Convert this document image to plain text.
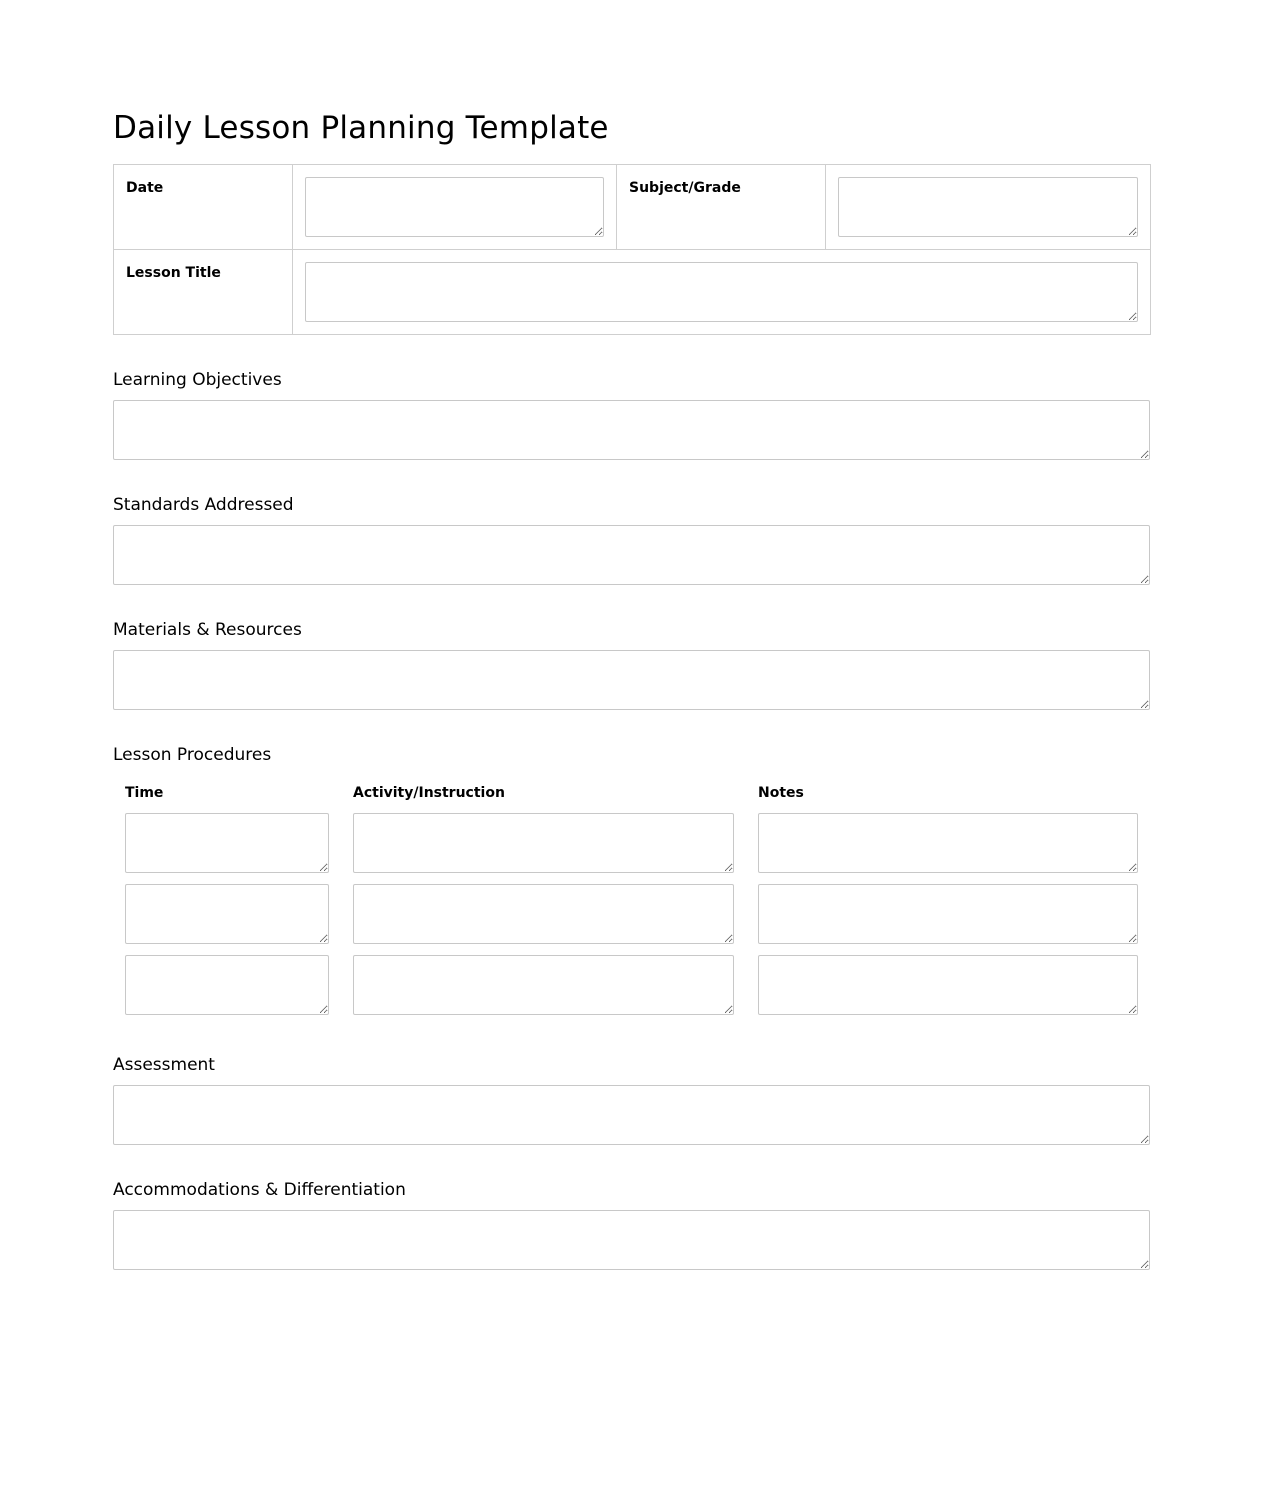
Daily Lesson Planning Template
Date		Subject/Grade	

Lesson Title	
Learning Objectives
Standards Addressed
Materials & Resources
Lesson Procedures
Time	Activity/Instruction	Notes

Assessment
Accommodations & Differentiation
